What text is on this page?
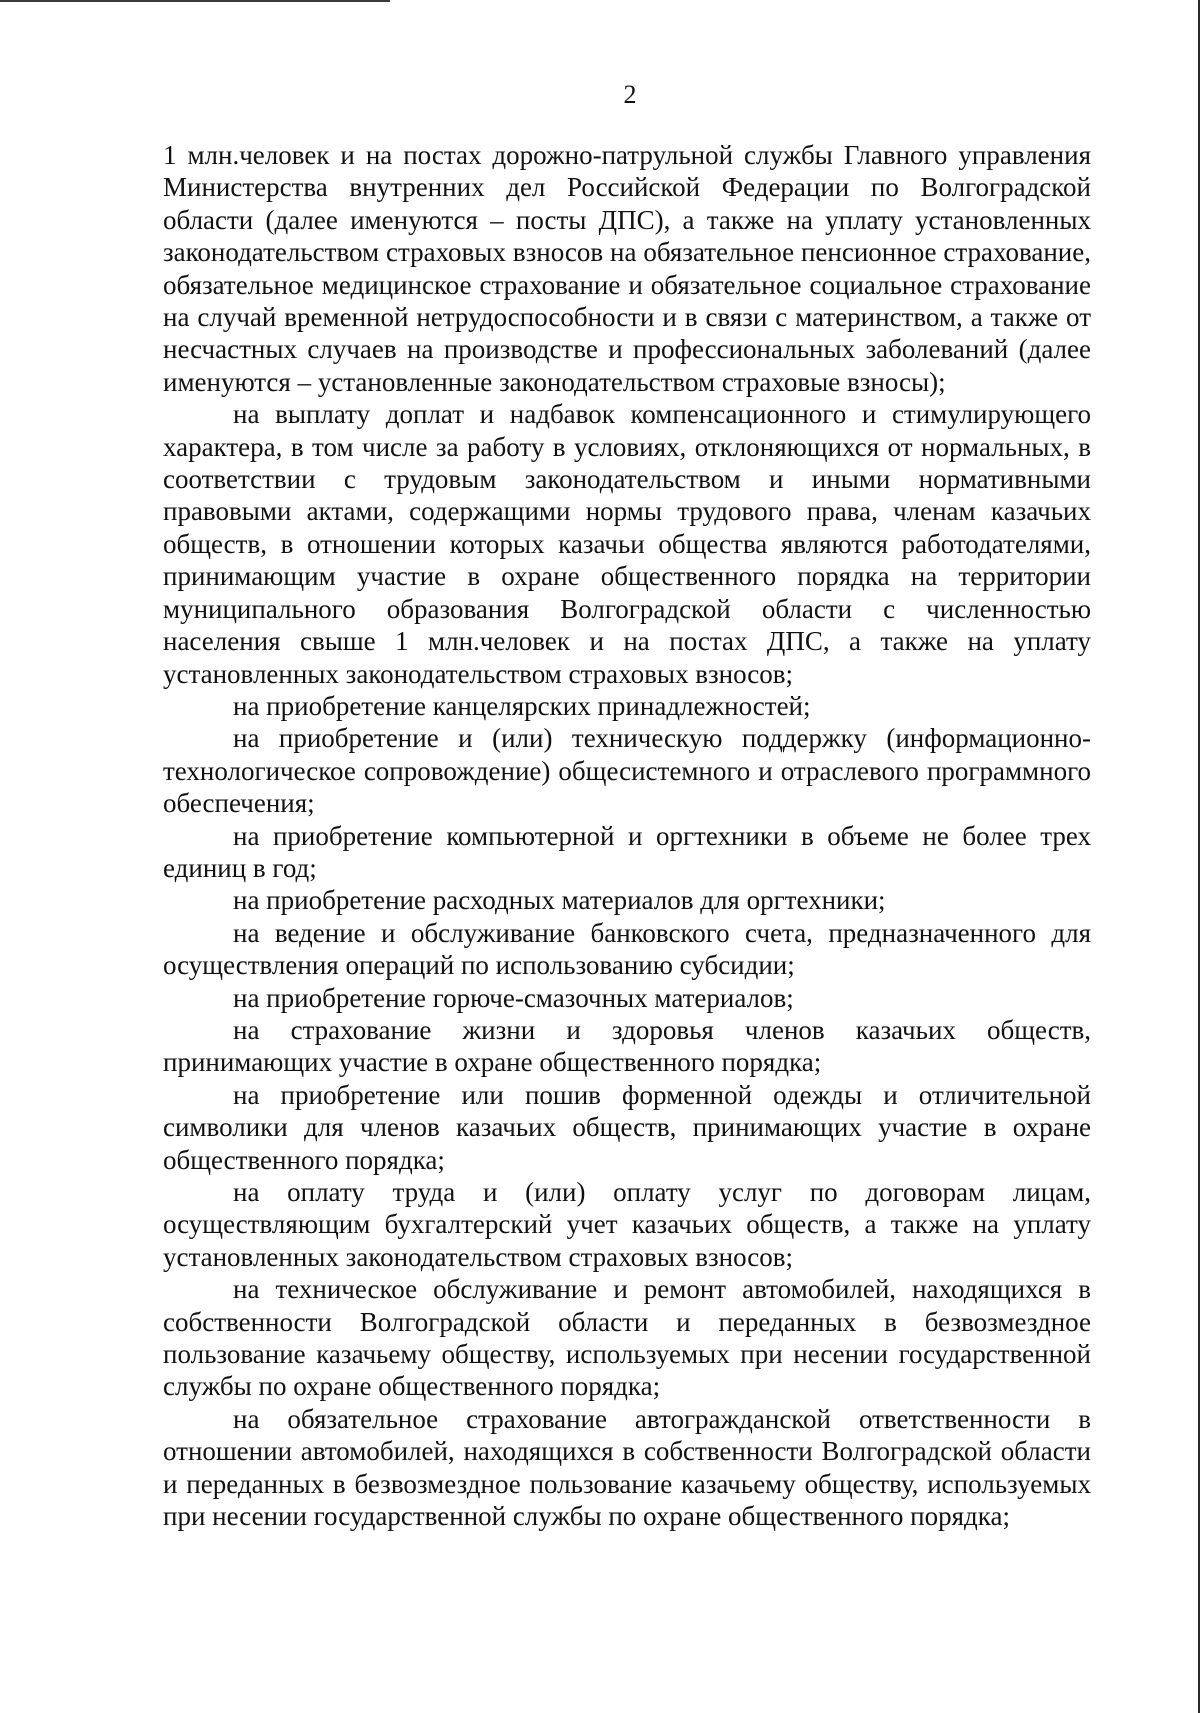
2

1 млн.человек и на постах дорожно-патрульной службы Главного управления Министерства внутренних дел Российской Федерации по Волгоградской области (далее именуются – посты ДПС), а также на уплату установленных законодательством страховых взносов на обязательное пенсионное страхование, обязательное медицинское страхование и обязательное социальное страхование на случай временной нетрудоспособности и в связи с материнством, а также от несчастных случаев на производстве и профессиональных заболеваний (далее именуются – установленные законодательством страховые взносы);

на выплату доплат и надбавок компенсационного и стимулирующего характера, в том числе за работу в условиях, отклоняющихся от нормальных, в соответствии с трудовым законодательством и иными нормативными правовыми актами, содержащими нормы трудового права, членам казачьих обществ, в отношении которых казачьи общества являются работодателями, принимающим участие в охране общественного порядка на территории муниципального образования Волгоградской области с численностью населения свыше 1 млн.человек и на постах ДПС, а также на уплату установленных законодательством страховых взносов;

на приобретение канцелярских принадлежностей;

на приобретение и (или) техническую поддержку (информационно-технологическое сопровождение) общесистемного и отраслевого программного обеспечения;

на приобретение компьютерной и оргтехники в объеме не более трех единиц в год;

на приобретение расходных материалов для оргтехники;

на ведение и обслуживание банковского счета, предназначенного для осуществления операций по использованию субсидии;

на приобретение горюче-смазочных материалов;

на страхование жизни и здоровья членов казачьих обществ, принимающих участие в охране общественного порядка;

на приобретение или пошив форменной одежды и отличительной символики для членов казачьих обществ, принимающих участие в охране общественного порядка;

на оплату труда и (или) оплату услуг по договорам лицам, осуществляющим бухгалтерский учет казачьих обществ, а также на уплату установленных законодательством страховых взносов;

на техническое обслуживание и ремонт автомобилей, находящихся в собственности Волгоградской области и переданных в безвозмездное пользование казачьему обществу, используемых при несении государственной службы по охране общественного порядка;

на обязательное страхование автогражданской ответственности в отношении автомобилей, находящихся в собственности Волгоградской области и переданных в безвозмездное пользование казачьему обществу, используемых при несении государственной службы по охране общественного порядка;
